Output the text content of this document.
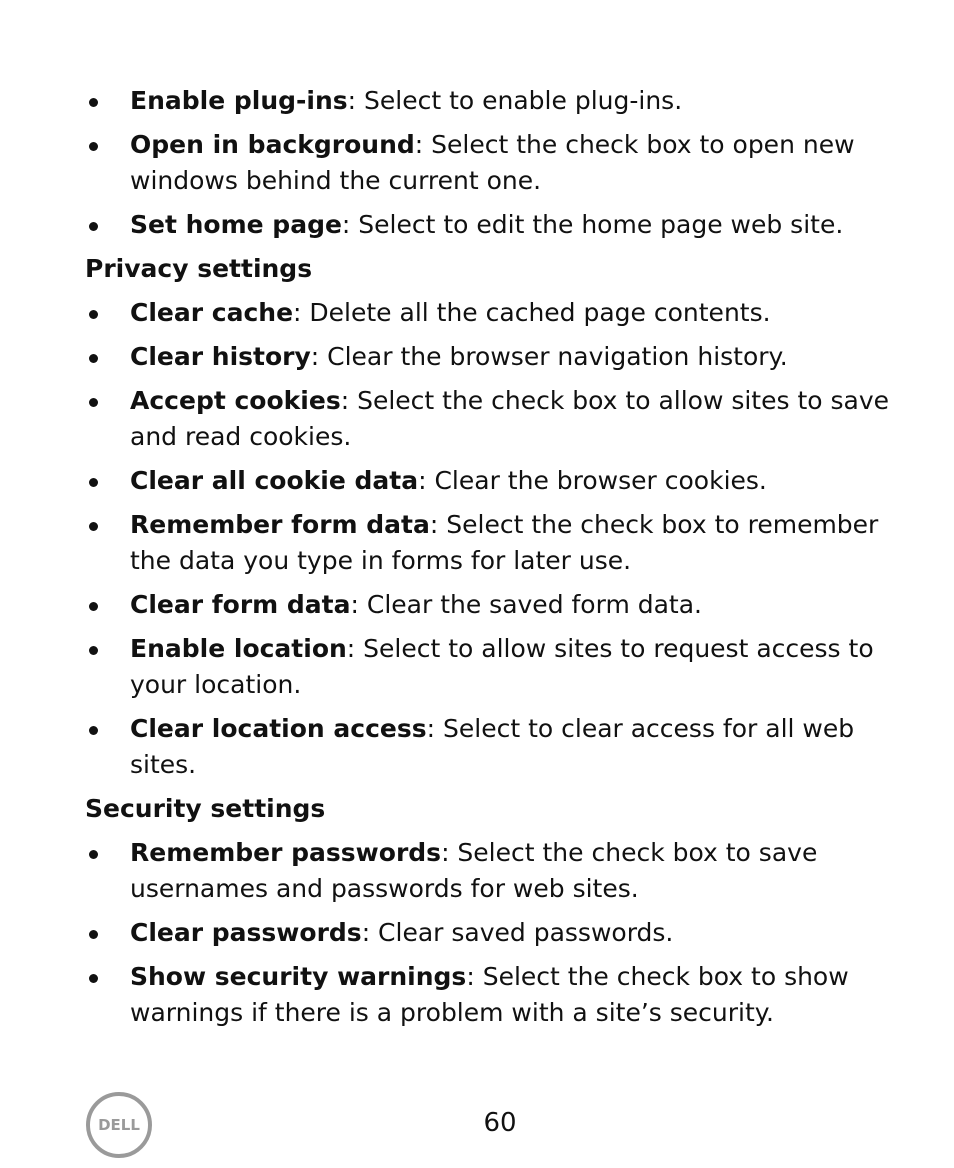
Enable plug-ins: Select to enable plug-ins.
Open in background: Select the check box to open new windows behind the current one.
Set home page: Select to edit the home page web site.
Privacy settings
Clear cache: Delete all the cached page contents.
Clear history: Clear the browser navigation history.
Accept cookies: Select the check box to allow sites to save and read cookies.
Clear all cookie data: Clear the browser cookies.
Remember form data: Select the check box to remember the data you type in forms for later use.
Clear form data: Clear the saved form data.
Enable location: Select to allow sites to request access to your location.
Clear location access: Select to clear access for all web sites.
Security settings
Remember passwords: Select the check box to save usernames and passwords for web sites.
Clear passwords: Clear saved passwords.
Show security warnings: Select the check box to show warnings if there is a problem with a site’s security.
DELL	60
